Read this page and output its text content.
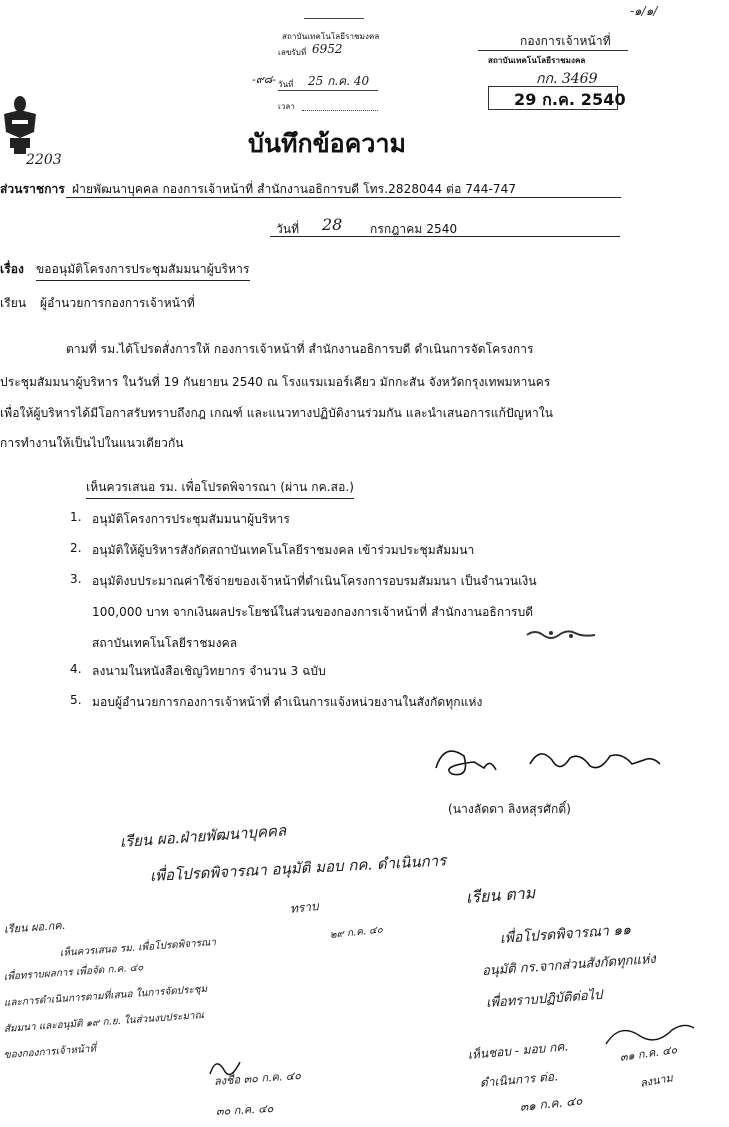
-๑/๑/
สถาบันเทคโนโลยีราชมงคล
เลขรับที่ 6952
-๙๘- วันที่ 25 ก.ค. 40
เวลา
กองการเจ้าหน้าที่
สถาบันเทคโนโลยีราชมงคล
กก. 3469
29 ก.ค. 2540
2203
บันทึกข้อความ
ส่วนราชการ ฝ่ายพัฒนาบุคคล กองการเจ้าหน้าที่ สำนักงานอธิการบดี โทร.2828044 ต่อ 744-747
วันที่ 28 กรกฎาคม 2540
เรื่อง ขออนุมัติโครงการประชุมสัมมนาผู้บริหาร
เรียน ผู้อำนวยการกองการเจ้าหน้าที่
ตามที่ รม.ได้โปรดสั่งการให้ กองการเจ้าหน้าที่ สำนักงานอธิการบดี ดำเนินการจัดโครงการ
ประชุมสัมมนาผู้บริหาร ในวันที่ 19 กันยายน 2540 ณ โรงแรมเมอร์เคียว มักกะสัน จังหวัดกรุงเทพมหานคร
เพื่อให้ผู้บริหารได้มีโอกาสรับทราบถึงกฎ เกณฑ์ และแนวทางปฏิบัติงานร่วมกัน และนำเสนอการแก้ปัญหาใน
การทำงานให้เป็นไปในแนวเดียวกัน
เห็นควรเสนอ รม. เพื่อโปรดพิจารณา (ผ่าน กค.สอ.)
1. อนุมัติโครงการประชุมสัมมนาผู้บริหาร
2. อนุมัติให้ผู้บริหารสังกัดสถาบันเทคโนโลยีราชมงคล เข้าร่วมประชุมสัมมนา
3. อนุมัติงบประมาณค่าใช้จ่ายของเจ้าหน้าที่ดำเนินโครงการอบรมสัมมนา เป็นจำนวนเงิน
100,000 บาท จากเงินผลประโยชน์ในส่วนของกองการเจ้าหน้าที่ สำนักงานอธิการบดี
สถาบันเทคโนโลยีราชมงคล
4. ลงนามในหนังสือเชิญวิทยากร จำนวน 3 ฉบับ
5. มอบผู้อำนวยการกองการเจ้าหน้าที่ ดำเนินการแจ้งหน่วยงานในสังกัดทุกแห่ง
(นางลัดดา ลิงหสุรศักดิ์)
เรียน ผอ.ฝ่ายพัฒนาบุคคล
เพื่อโปรดพิจารณา อนุมัติ มอบ กค. ดำเนินการ
เรียน ตาม
เพื่อโปรดพิจารณา ๑๑
อนุมัติ กร.จากส่วนสังกัดทุกแห่ง
เพื่อทราบปฏิบัติต่อไป
เห็นชอบ - มอบ กค.
ดำเนินการ ต่อ.
๓๑ ก.ค. ๔๐
๓๑ ก.ค. ๔๐
ลงนาม
เรียน ผอ.กค.
เห็นควรเสนอ รม. เพื่อโปรดพิจารณา
เพื่อทราบผลการ เพื่อจัด ก.ค. ๔๐
และการดำเนินการตามที่เสนอ ในการจัดประชุม
สัมมนา และอนุมัติ ๑๙ ก.ย. ในส่วนงบประมาณ
ของกองการเจ้าหน้าที่
ทราบ
๒๙ ก.ค. ๔๐
ลงชื่อ ๓๐ ก.ค. ๔๐
๓๐ ก.ค. ๔๐
